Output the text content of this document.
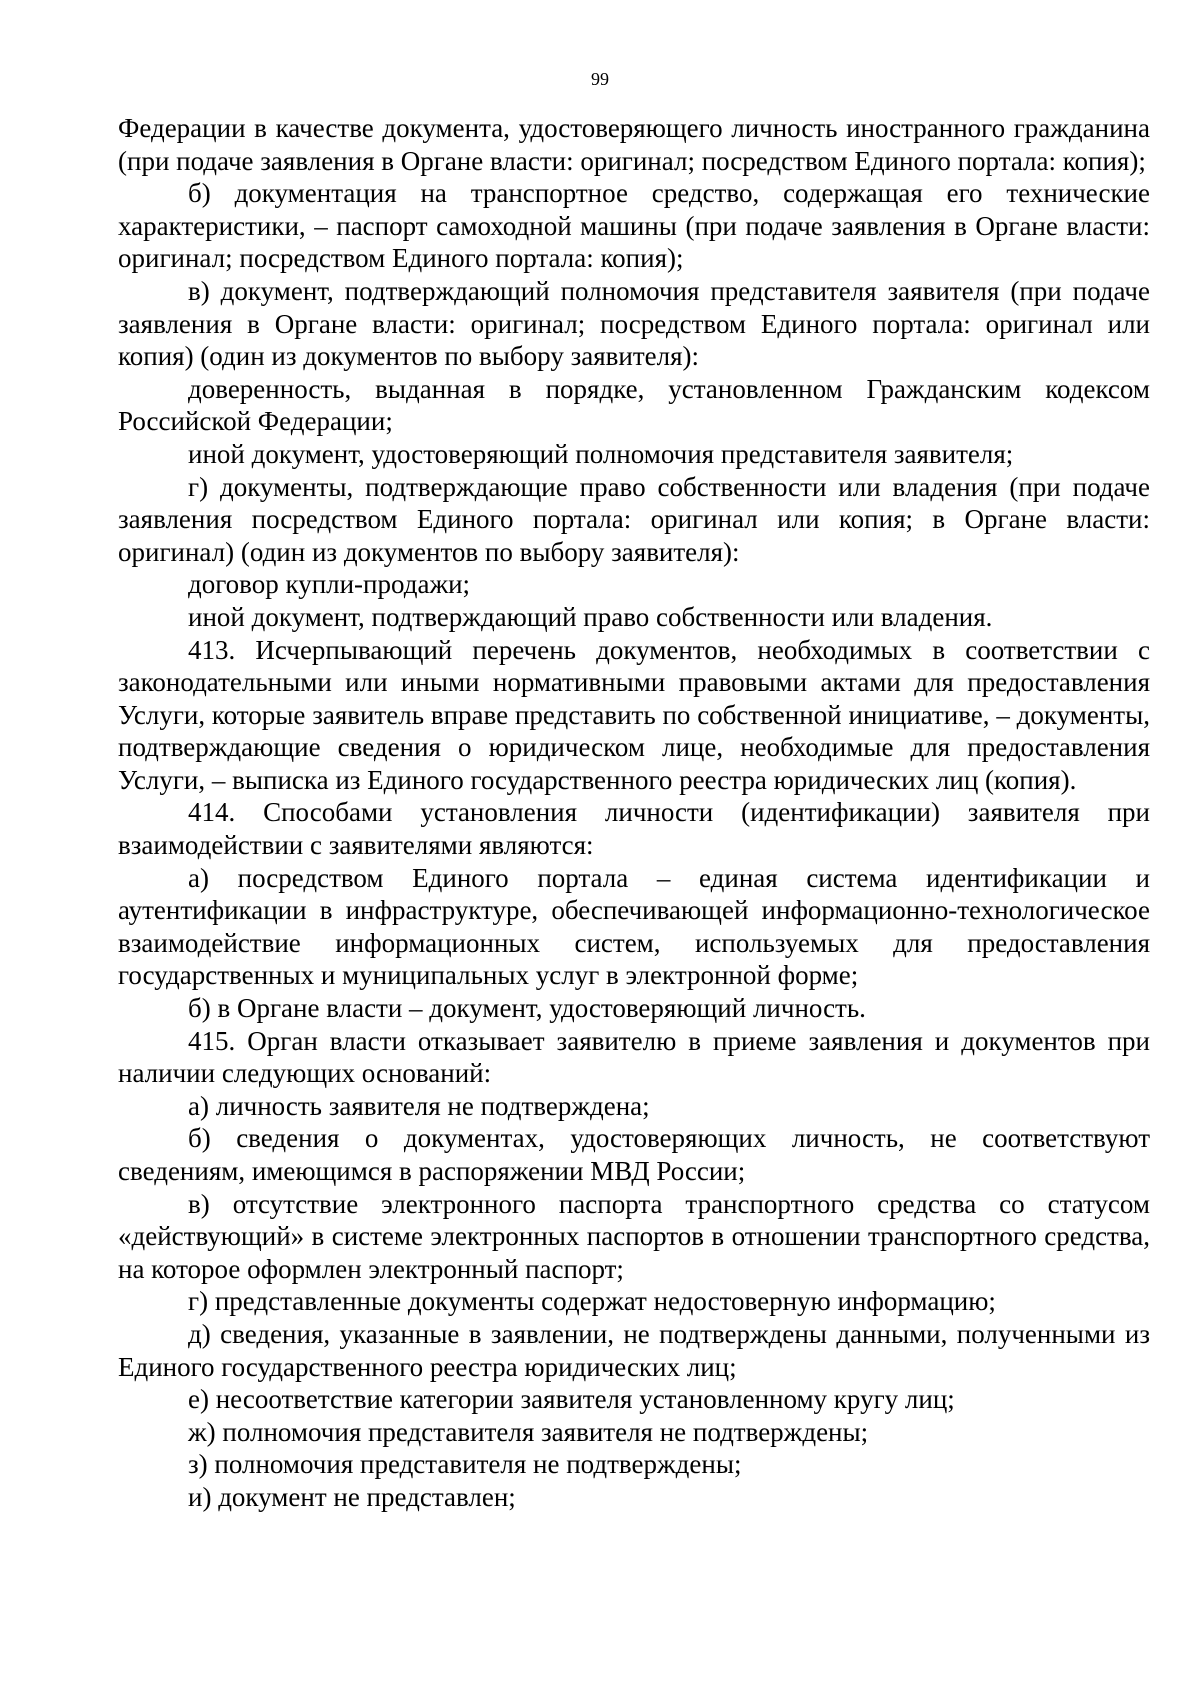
99

Федерации в качестве документа, удостоверяющего личность иностранного гражданина (при подаче заявления в Органе власти: оригинал; посредством Единого портала: копия);

б) документация на транспортное средство, содержащая его технические характеристики, – паспорт самоходной машины (при подаче заявления в Органе власти: оригинал; посредством Единого портала: копия);

в) документ, подтверждающий полномочия представителя заявителя (при подаче заявления в Органе власти: оригинал; посредством Единого портала: оригинал или копия) (один из документов по выбору заявителя):

доверенность, выданная в порядке, установленном Гражданским кодексом Российской Федерации;

иной документ, удостоверяющий полномочия представителя заявителя;

г) документы, подтверждающие право собственности или владения (при подаче заявления посредством Единого портала: оригинал или копия; в Органе власти: оригинал) (один из документов по выбору заявителя):

договор купли-продажи;

иной документ, подтверждающий право собственности или владения.

413. Исчерпывающий перечень документов, необходимых в соответствии с законодательными или иными нормативными правовыми актами для предоставления Услуги, которые заявитель вправе представить по собственной инициативе, – документы, подтверждающие сведения о юридическом лице, необходимые для предоставления Услуги, – выписка из Единого государственного реестра юридических лиц (копия).

414. Способами установления личности (идентификации) заявителя при взаимодействии с заявителями являются:

а) посредством Единого портала – единая система идентификации и аутентификации в инфраструктуре, обеспечивающей информационно-технологическое взаимодействие информационных систем, используемых для предоставления государственных и муниципальных услуг в электронной форме;

б) в Органе власти – документ, удостоверяющий личность.

415. Орган власти отказывает заявителю в приеме заявления и документов при наличии следующих оснований:

а) личность заявителя не подтверждена;

б) сведения о документах, удостоверяющих личность, не соответствуют сведениям, имеющимся в распоряжении МВД России;

в) отсутствие электронного паспорта транспортного средства со статусом «действующий» в системе электронных паспортов в отношении транспортного средства, на которое оформлен электронный паспорт;

г) представленные документы содержат недостоверную информацию;

д) сведения, указанные в заявлении, не подтверждены данными, полученными из Единого государственного реестра юридических лиц;

е) несоответствие категории заявителя установленному кругу лиц;

ж) полномочия представителя заявителя не подтверждены;

з) полномочия представителя не подтверждены;

и) документ не представлен;
